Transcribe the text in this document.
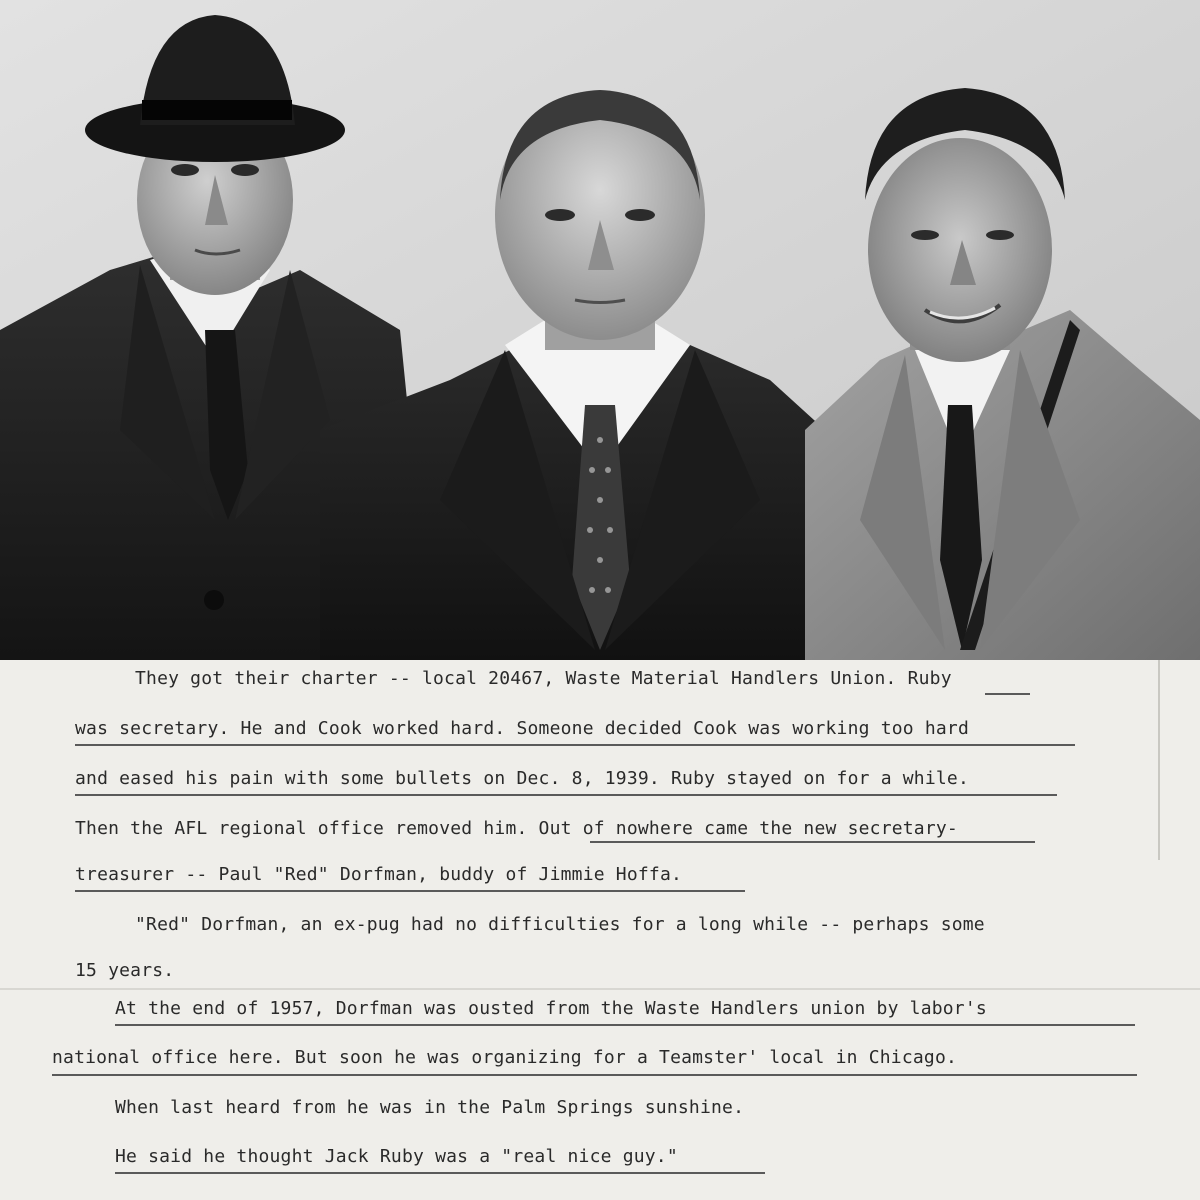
They got their charter -- local 20467, Waste Material Handlers Union. Ruby
was secretary. He and Cook worked hard. Someone decided Cook was working too hard
and eased his pain with some bullets on Dec. 8, 1939. Ruby stayed on for a while.
Then the AFL regional office removed him. Out of nowhere came the new secretary-
treasurer -- Paul "Red" Dorfman, buddy of Jimmie Hoffa.
"Red" Dorfman, an ex-pug had no difficulties for a long while -- perhaps some
15 years.
At the end of 1957, Dorfman was ousted from the Waste Handlers union by labor's
national office here. But soon he was organizing for a Teamster' local in Chicago.
When last heard from he was in the Palm Springs sunshine.
He said he thought Jack Ruby was a "real nice guy."
